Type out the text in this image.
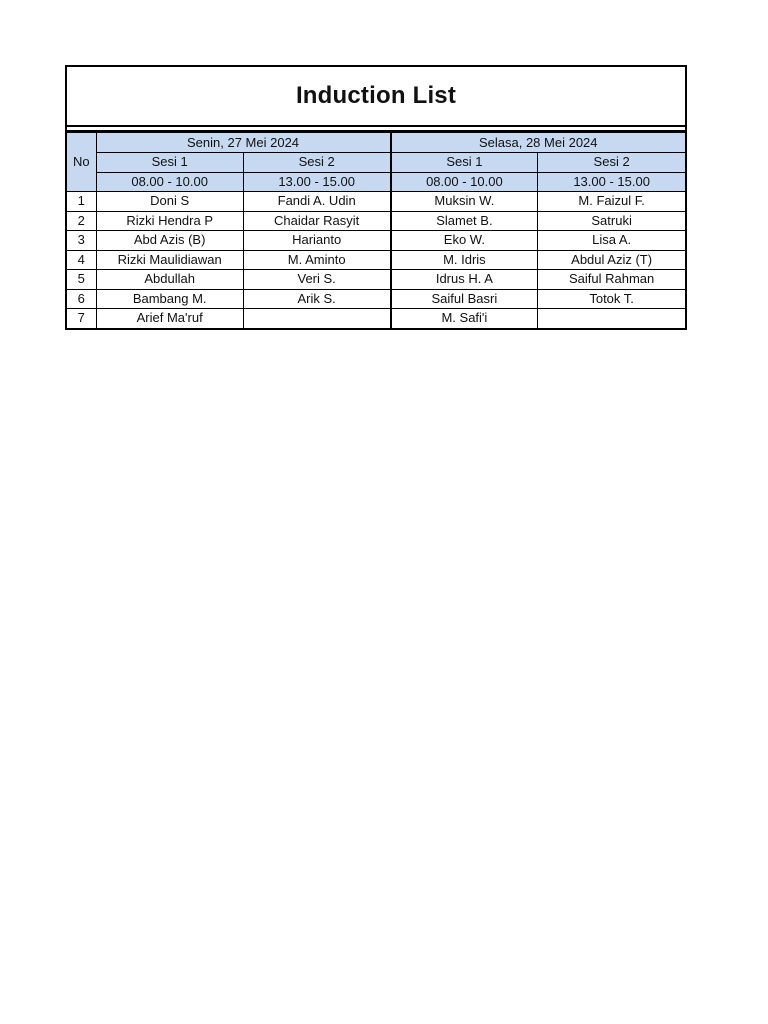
Induction List
No	Senin, 27 Mei 2024		Selasa, 28 Mei 2024	
	Sesi 1	Sesi 2	Sesi 1	Sesi 2
	08.00 - 10.00	13.00 - 15.00	08.00 - 10.00	13.00 - 15.00
1	Doni S	Fandi A. Udin	Muksin W.	M. Faizul F.
2	Rizki Hendra P	Chaidar Rasyit	Slamet B.	Satruki
3	Abd Azis (B)	Harianto	Eko W.	Lisa A.
4	Rizki Maulidiawan	M. Aminto	M. Idris	Abdul Aziz (T)
5	Abdullah	Veri S.	Idrus H. A	Saiful Rahman
6	Bambang M.	Arik S.	Saiful Basri	Totok T.
7	Arief Ma'ruf		M. Safi'i	
